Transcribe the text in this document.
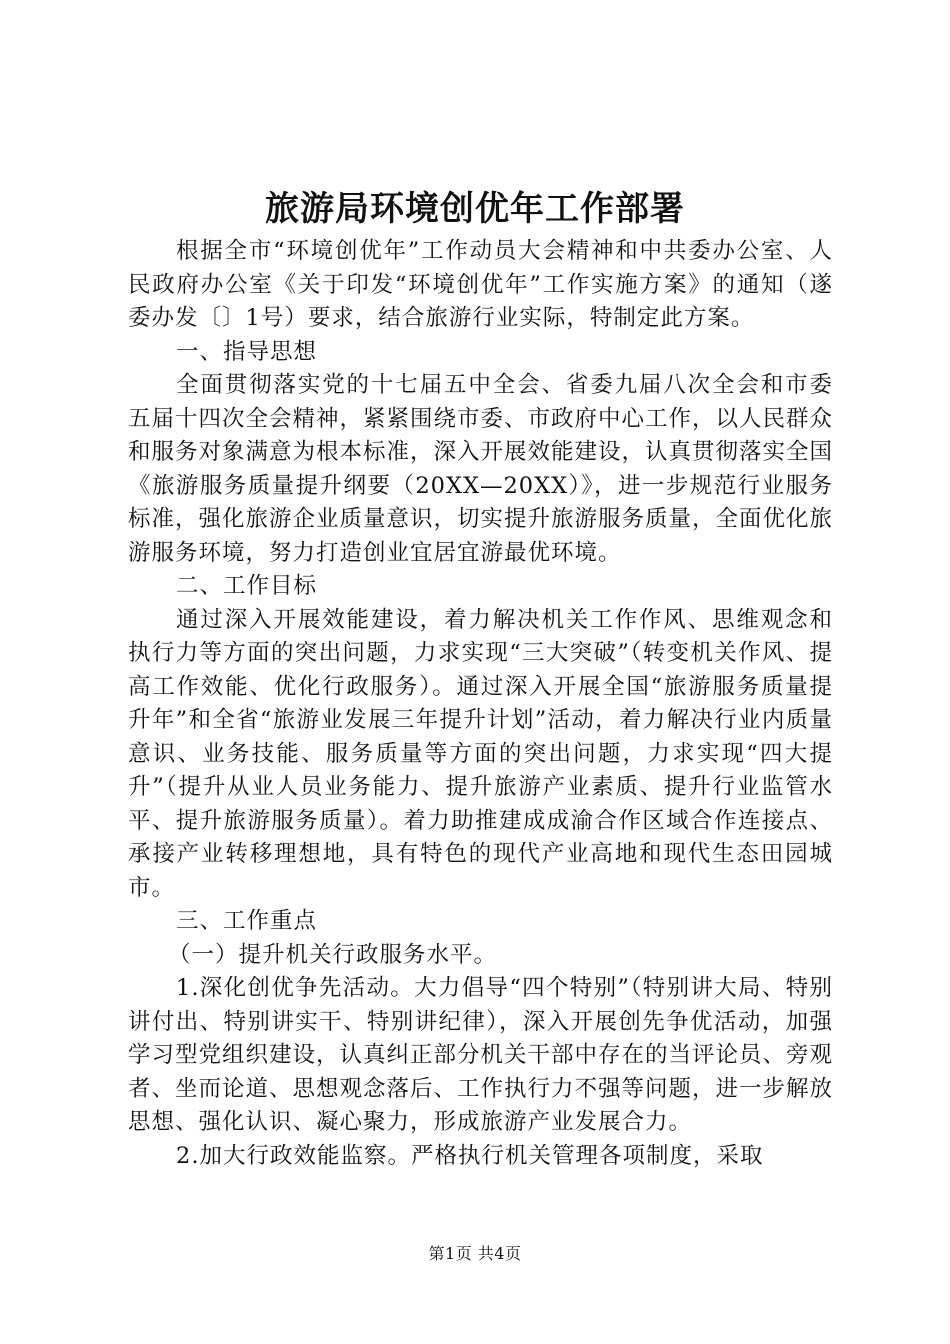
旅游局环境创优年工作部署

根据全市“环境创优年”工作动员大会精神和中共委办公室、人民政府办公室《关于印发“环境创优年”工作实施方案》的通知（遂委办发〔〕1号）要求，结合旅游行业实际，特制定此方案。

一、指导思想

全面贯彻落实党的十七届五中全会、省委九届八次全会和市委五届十四次全会精神，紧紧围绕市委、市政府中心工作，以人民群众和服务对象满意为根本标准，深入开展效能建设，认真贯彻落实全国《旅游服务质量提升纲要（20XX—20XX）》，进一步规范行业服务标准，强化旅游企业质量意识，切实提升旅游服务质量，全面优化旅游服务环境，努力打造创业宜居宜游最优环境。

二、工作目标

通过深入开展效能建设，着力解决机关工作作风、思维观念和执行力等方面的突出问题，力求实现“三大突破”（转变机关作风、提高工作效能、优化行政服务）。通过深入开展全国“旅游服务质量提升年”和全省“旅游业发展三年提升计划”活动，着力解决行业内质量意识、业务技能、服务质量等方面的突出问题，力求实现“四大提升”（提升从业人员业务能力、提升旅游产业素质、提升行业监管水平、提升旅游服务质量）。着力助推建成成渝合作区域合作连接点、承接产业转移理想地，具有特色的现代产业高地和现代生态田园城市。

三、工作重点

（一）提升机关行政服务水平。

1.深化创优争先活动。大力倡导“四个特别”（特别讲大局、特别讲付出、特别讲实干、特别讲纪律），深入开展创先争优活动，加强学习型党组织建设，认真纠正部分机关干部中存在的当评论员、旁观者、坐而论道、思想观念落后、工作执行力不强等问题，进一步解放思想、强化认识、凝心聚力，形成旅游产业发展合力。

2.加大行政效能监察。严格执行机关管理各项制度，采取

第1页 共4页
